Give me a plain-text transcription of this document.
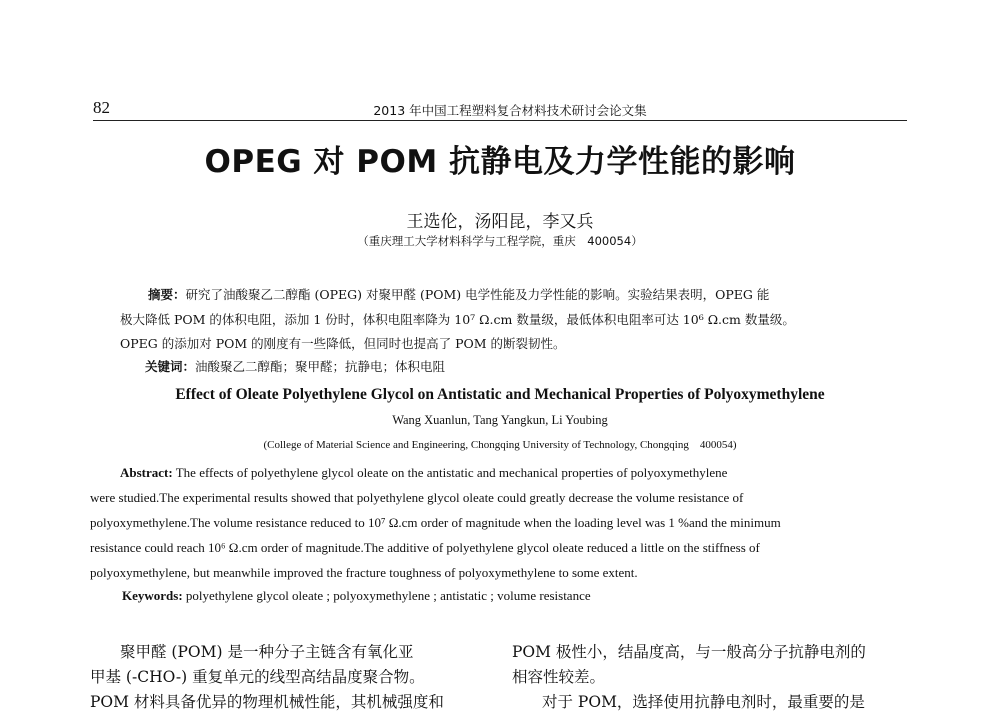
82	2013 年中国工程塑料复合材料技术研讨会论文集
OPEG 对 POM 抗静电及力学性能的影响
王选伦，汤阳昆，李又兵
（重庆理工大学材料科学与工程学院，重庆　400054）
摘要：研究了油酸聚乙二醇酯 (OPEG) 对聚甲醛 (POM) 电学性能及力学性能的影响。实验结果表明，OPEG 能
极大降低 POM 的体积电阻，添加 1 份时，体积电阻率降为 10⁷ Ω.cm 数量级，最低体积电阻率可达 10⁶ Ω.cm 数量级。
OPEG 的添加对 POM 的刚度有一些降低，但同时也提高了 POM 的断裂韧性。
关键词：油酸聚乙二醇酯；聚甲醛；抗静电；体积电阻
Effect of Oleate Polyethylene Glycol on Antistatic and Mechanical Properties of Polyoxymethylene
Wang Xuanlun, Tang Yangkun, Li Youbing
(College of Material Science and Engineering, Chongqing University of Technology, Chongqing　400054)
Abstract: The effects of polyethylene glycol oleate on the antistatic and mechanical properties of polyoxymethylene
were studied.The experimental results showed that polyethylene glycol oleate could greatly decrease the volume resistance of
polyoxymethylene.The volume resistance reduced to 10⁷ Ω.cm order of magnitude when the loading level was 1 %and the minimum
resistance could reach 10⁶ Ω.cm order of magnitude.The additive of polyethylene glycol oleate reduced a little on the stiffness of
polyoxymethylene, but meanwhile improved the fracture toughness of polyoxymethylene to some extent.
Keywords: polyethylene glycol oleate ; polyoxymethylene ; antistatic ; volume resistance

聚甲醛 (POM) 是一种分子主链含有氧化亚

甲基 (-CHO-) 重复单元的线型高结晶度聚合物。

POM 材料具备优异的物理机械性能，其机械强度和

POM 极性小，结晶度高，与一般高分子抗静电剂的

相容性较差。

对于 POM，选择使用抗静电剂时，最重要的是
